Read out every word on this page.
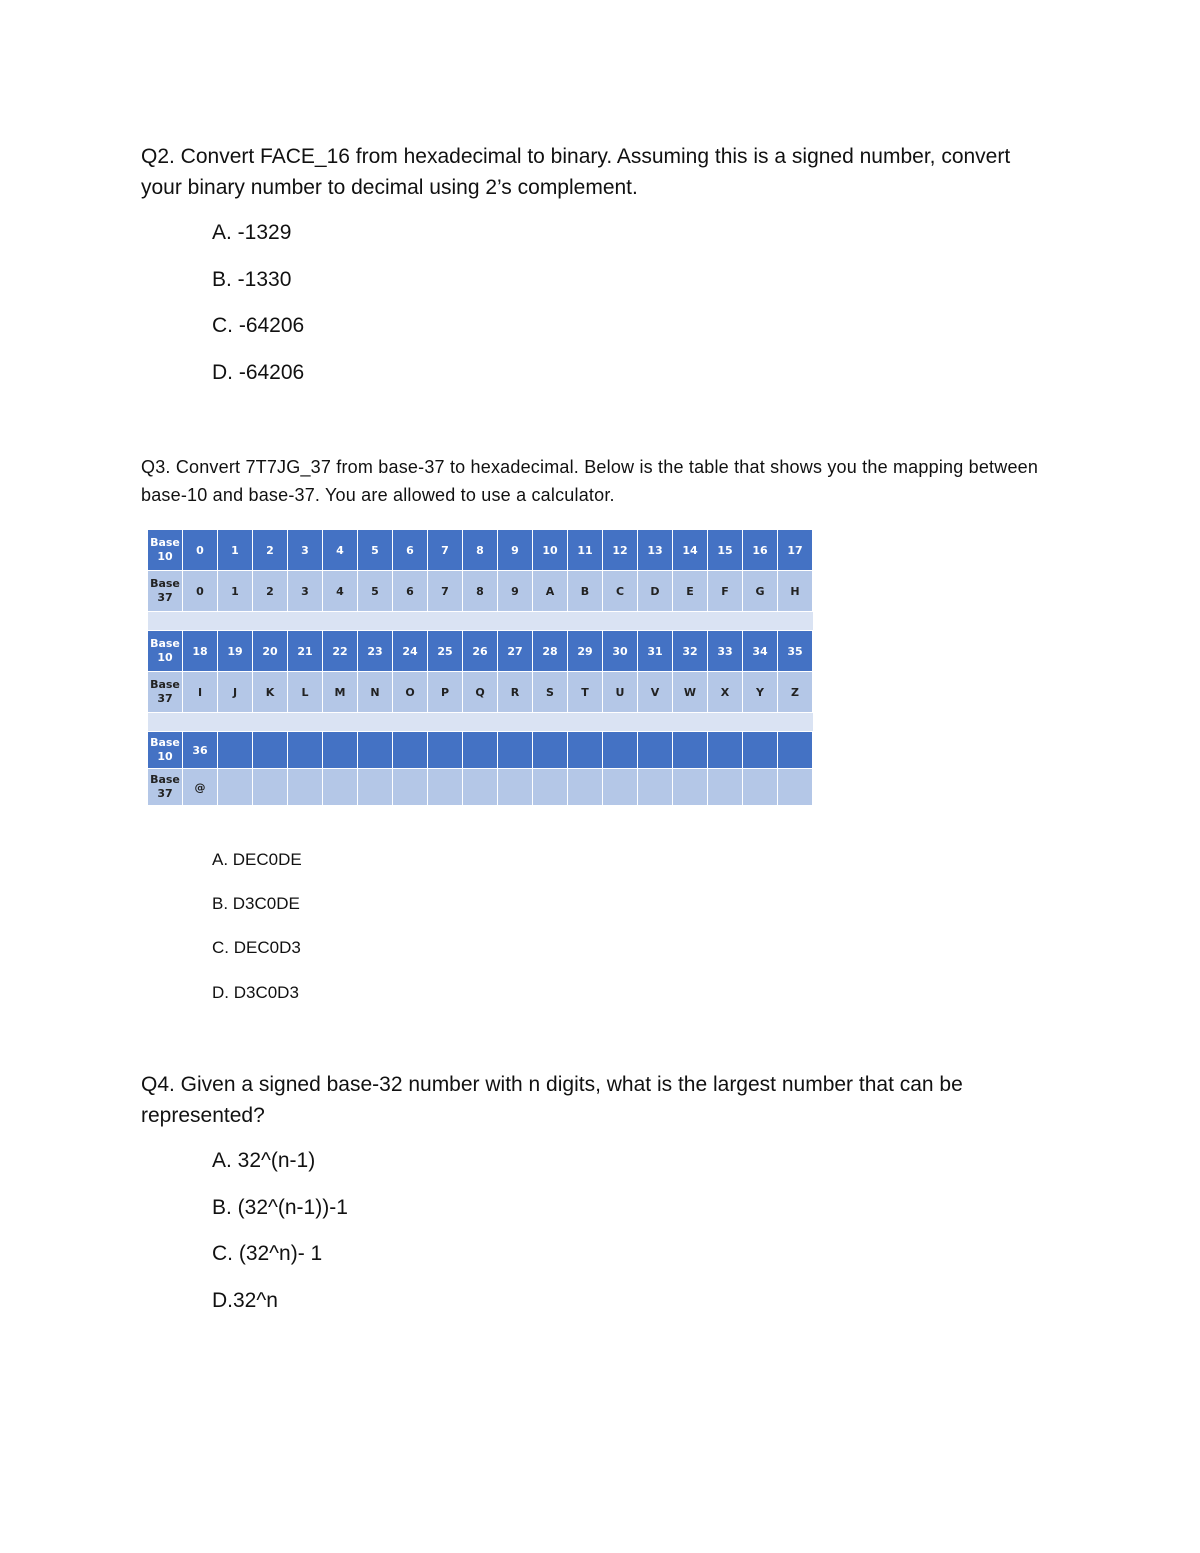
Q2. Convert FACE_16 from hexadecimal to binary. Assuming this is a signed number, convert your binary number to decimal using 2’s complement.

A. -1329

B. -1330

C. -64206

D. -64206

Q3. Convert 7T7JG_37 from base-37 to hexadecimal. Below is the table that shows you the mapping between base-10 and base-37. You are allowed to use a calculator.

Base 10	0	1	2	3	4	5	6	7	8	9	10	11	12	13	14	15	16	17
Base 37	0	1	2	3	4	5	6	7	8	9	A	B	C	D	E	F	G	H

Base 10	18	19	20	21	22	23	24	25	26	27	28	29	30	31	32	33	34	35
Base 37	I	J	K	L	M	N	O	P	Q	R	S	T	U	V	W	X	Y	Z

Base 10	36																	
Base 37	@																	

A. DEC0DE

B. D3C0DE

C. DEC0D3

D. D3C0D3

Q4. Given a signed base-32 number with n digits, what is the largest number that can be represented?

A. 32^(n-1)

B. (32^(n-1))-1

C. (32^n)- 1

D.32^n
